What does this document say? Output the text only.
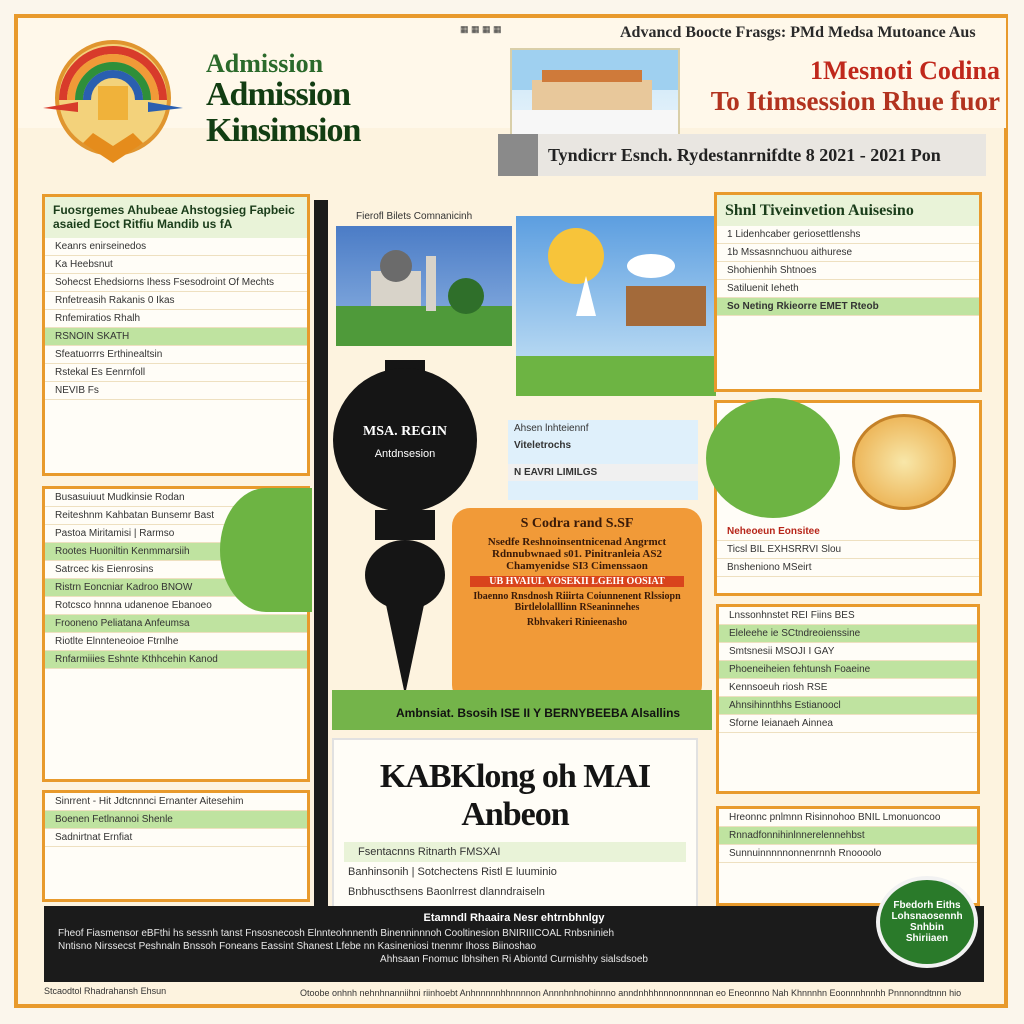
Admission
Admission Kinsimsion
▦ ▦ ▦ ▦	Advancd Boocte Frasgs: PMd Medsa Mutoance Aus
1Mesnoti Codina
To Itimsession Rhue fuor
Tyndicrr Esnch. Rydestanrnifdte 8 2021 - 2021 Pon
Fuosrgemes Ahubeae Ahstogsieg Fapbeic asaied Eoct Ritfiu Mandib us fA
Keanrs enirseinedos
Ka Heebsnut
Sohecst Ehedsiorns Ihess Fsesodroint Of Mechts
Rnfetreasih Rakanis 0 Ikas
Rnfemiratios Rhalh
RSNOIN SKATH
Sfeatuorrrs Erthinealtsin
Rstekal Es Eenrnfoll
NEVIB Fs
Busasuiuut Mudkinsie Rodan
Reiteshnm Kahbatan Bunsemr Bast
Pastoa Miritamisi | Rarmso
Rootes Huoniltin Kenmmarsiih
Satrcec kis Eienrosins
Ristrn Eoncniar Kadroo BNOW
Rotcsco hnnna udanenoe Ebanoeo
Frooneno Peliatana Anfeumsa
Riotlte Elnnteneoioe Ftrnlhe
Rnfarmiiies Eshnte Kthhcehin Kanod
Sinrrent - Hit Jdtcnnnci Ernanter Aitesehim
Boenen Fetlnannoi Shenle
Sadnirtnat Ernfiat
Fierofl Bilets Comnanicinh
Ahsen lnhteiennf
Viteletrochs
N EAVRI LIMILGS
MSA. REGIN
Antdnsesion
S Codra rand S.SF
Nsedfe Reshnoinsentnicenad Angrmct Rdnnubwnaed s01. Pinitranleia AS2 Chamyenidse SI3 Cimenssaon
UB HVAIUL VOSEKII LGEIH OOSIAT
Ibaenno Rnsdnosh Riiirta Coiunnenent Rlssiopn Birtlelolalllinn RSeaninnehes
Rbhvakeri Rinieenasho
Ambnsiat. Bsosih ISE II Y BERNYBEEBA Alsallins
KABKlong oh MAI Anbeon
Fsentacnns Ritnarth FMSXAI
Banhinsonih | Sotchectens Ristl E luuminio
Bnbhuscthsens Baonlrrest dlanndraiseln
Shnl Tiveinvetion Auisesino
1 Lidenhcaber geriosettlenshs
1b Mssasnnchuou aithurese
Shohienhih Shtnoes
Satiluenit Ieheth
So Neting Rkieorre EMET Rteob
Neheoeun Eonsitee
Ticsl BIL EXHSRRVI Slou
Bnsheniono MSeirt
Lnssonhnstet REI Fiins BES
Eleleehe ie SCtndreoienssine
Smtsnesii MSOJI I GAY
Phoeneiheien fehtunsh Foaeine
Kennsoeuh riosh RSE
Ahnsihinnthhs Estianoocl
Sforne Ieianaeh Ainnea
Hreonnc pnlmnn Risinnohoo BNIL Lmonuoncoo
Rnnadfonnihinlnnerelennehbst
Sunnuinnnnnonnenrnnh Rnoooolo
Etamndl Rhaaira Nesr ehtrnbhnlgy
Fheof Fiasmensor eBFthi hs sessnh tanst Fnsosnecosh Elnnteohnnenth Binenninnnoh Cooltinesion BNIRIIICOAL Rnbsninieh
Nntisno Nirssecst Peshnaln Bnssoh Foneans Eassint Shanest Lfebe nn Kasineniosi tnenmr Ihoss Biinoshao
Ahhsaan Fnomuc Ibhsihen Ri Abiontd Curmishhy sialsdsoeb
Fbedorh Eiths Lohsnaosennh Snhbin Shiriiaen
Stcaodtol Rhadrahansh Ehsun	Otoobe onhnh nehnhnanniihni riinhoebt Anhnnnnnhhnnnnon Annnhnhnohinnno anndnhhhnnnonnnnnan eo Eneonnno Nah Khnnnhn Eoonnnhnnhh Pnnnonndtnnn hio
